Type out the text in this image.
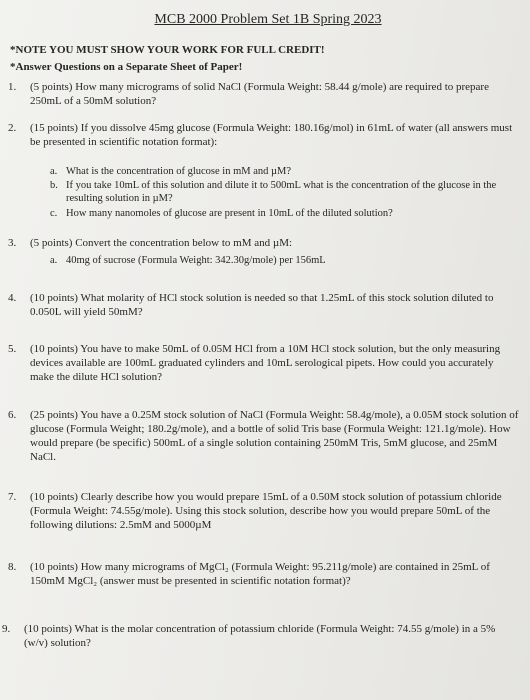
MCB 2000 Problem Set 1B Spring 2023
*NOTE YOU MUST SHOW YOUR WORK FOR FULL CREDIT!
*Answer Questions on a Separate Sheet of Paper!
1.	(5 points) How many micrograms of solid NaCl (Formula Weight: 58.44 g/mole) are required to prepare 250mL of a 50mM solution?
2.	(15 points) If you dissolve 45mg glucose (Formula Weight: 180.16g/mol) in 61mL of water (all answers must be presented in scientific notation format):
a. What is the concentration of glucose in mM and µM?
b. If you take 10mL of this solution and dilute it to 500mL what is the concentration of the glucose in the resulting solution in µM?
c. How many nanomoles of glucose are present in 10mL of the diluted solution?
3.	(5 points) Convert the concentration below to mM and µM:
a. 40mg of sucrose (Formula Weight: 342.30g/mole) per 156mL
4.	(10 points) What molarity of HCl stock solution is needed so that 1.25mL of this stock solution diluted to 0.050L will yield 50mM?
5.	(10 points) You have to make 50mL of 0.05M HCl from a 10M HCl stock solution, but the only measuring devices available are 100mL graduated cylinders and 10mL serological pipets. How could you accurately make the dilute HCl solution?
6.	(25 points) You have a 0.25M stock solution of NaCl (Formula Weight: 58.4g/mole), a 0.05M stock solution of glucose (Formula Weight; 180.2g/mole), and a bottle of solid Tris base (Formula Weight: 121.1g/mole). How would prepare (be specific) 500mL of a single solution containing 250mM Tris, 5mM glucose, and 25mM NaCl.
7.	(10 points) Clearly describe how you would prepare 15mL of a 0.50M stock solution of potassium chloride (Formula Weight: 74.55g/mole). Using this stock solution, describe how you would prepare 50mL of the following dilutions: 2.5mM and 5000µM
8.	(10 points) How many micrograms of MgCl₂ (Formula Weight: 95.211g/mole) are contained in 25mL of 150mM MgCl₂ (answer must be presented in scientific notation format)?
9.	(10 points) What is the molar concentration of potassium chloride (Formula Weight: 74.55 g/mole) in a 5% (w/v) solution?
